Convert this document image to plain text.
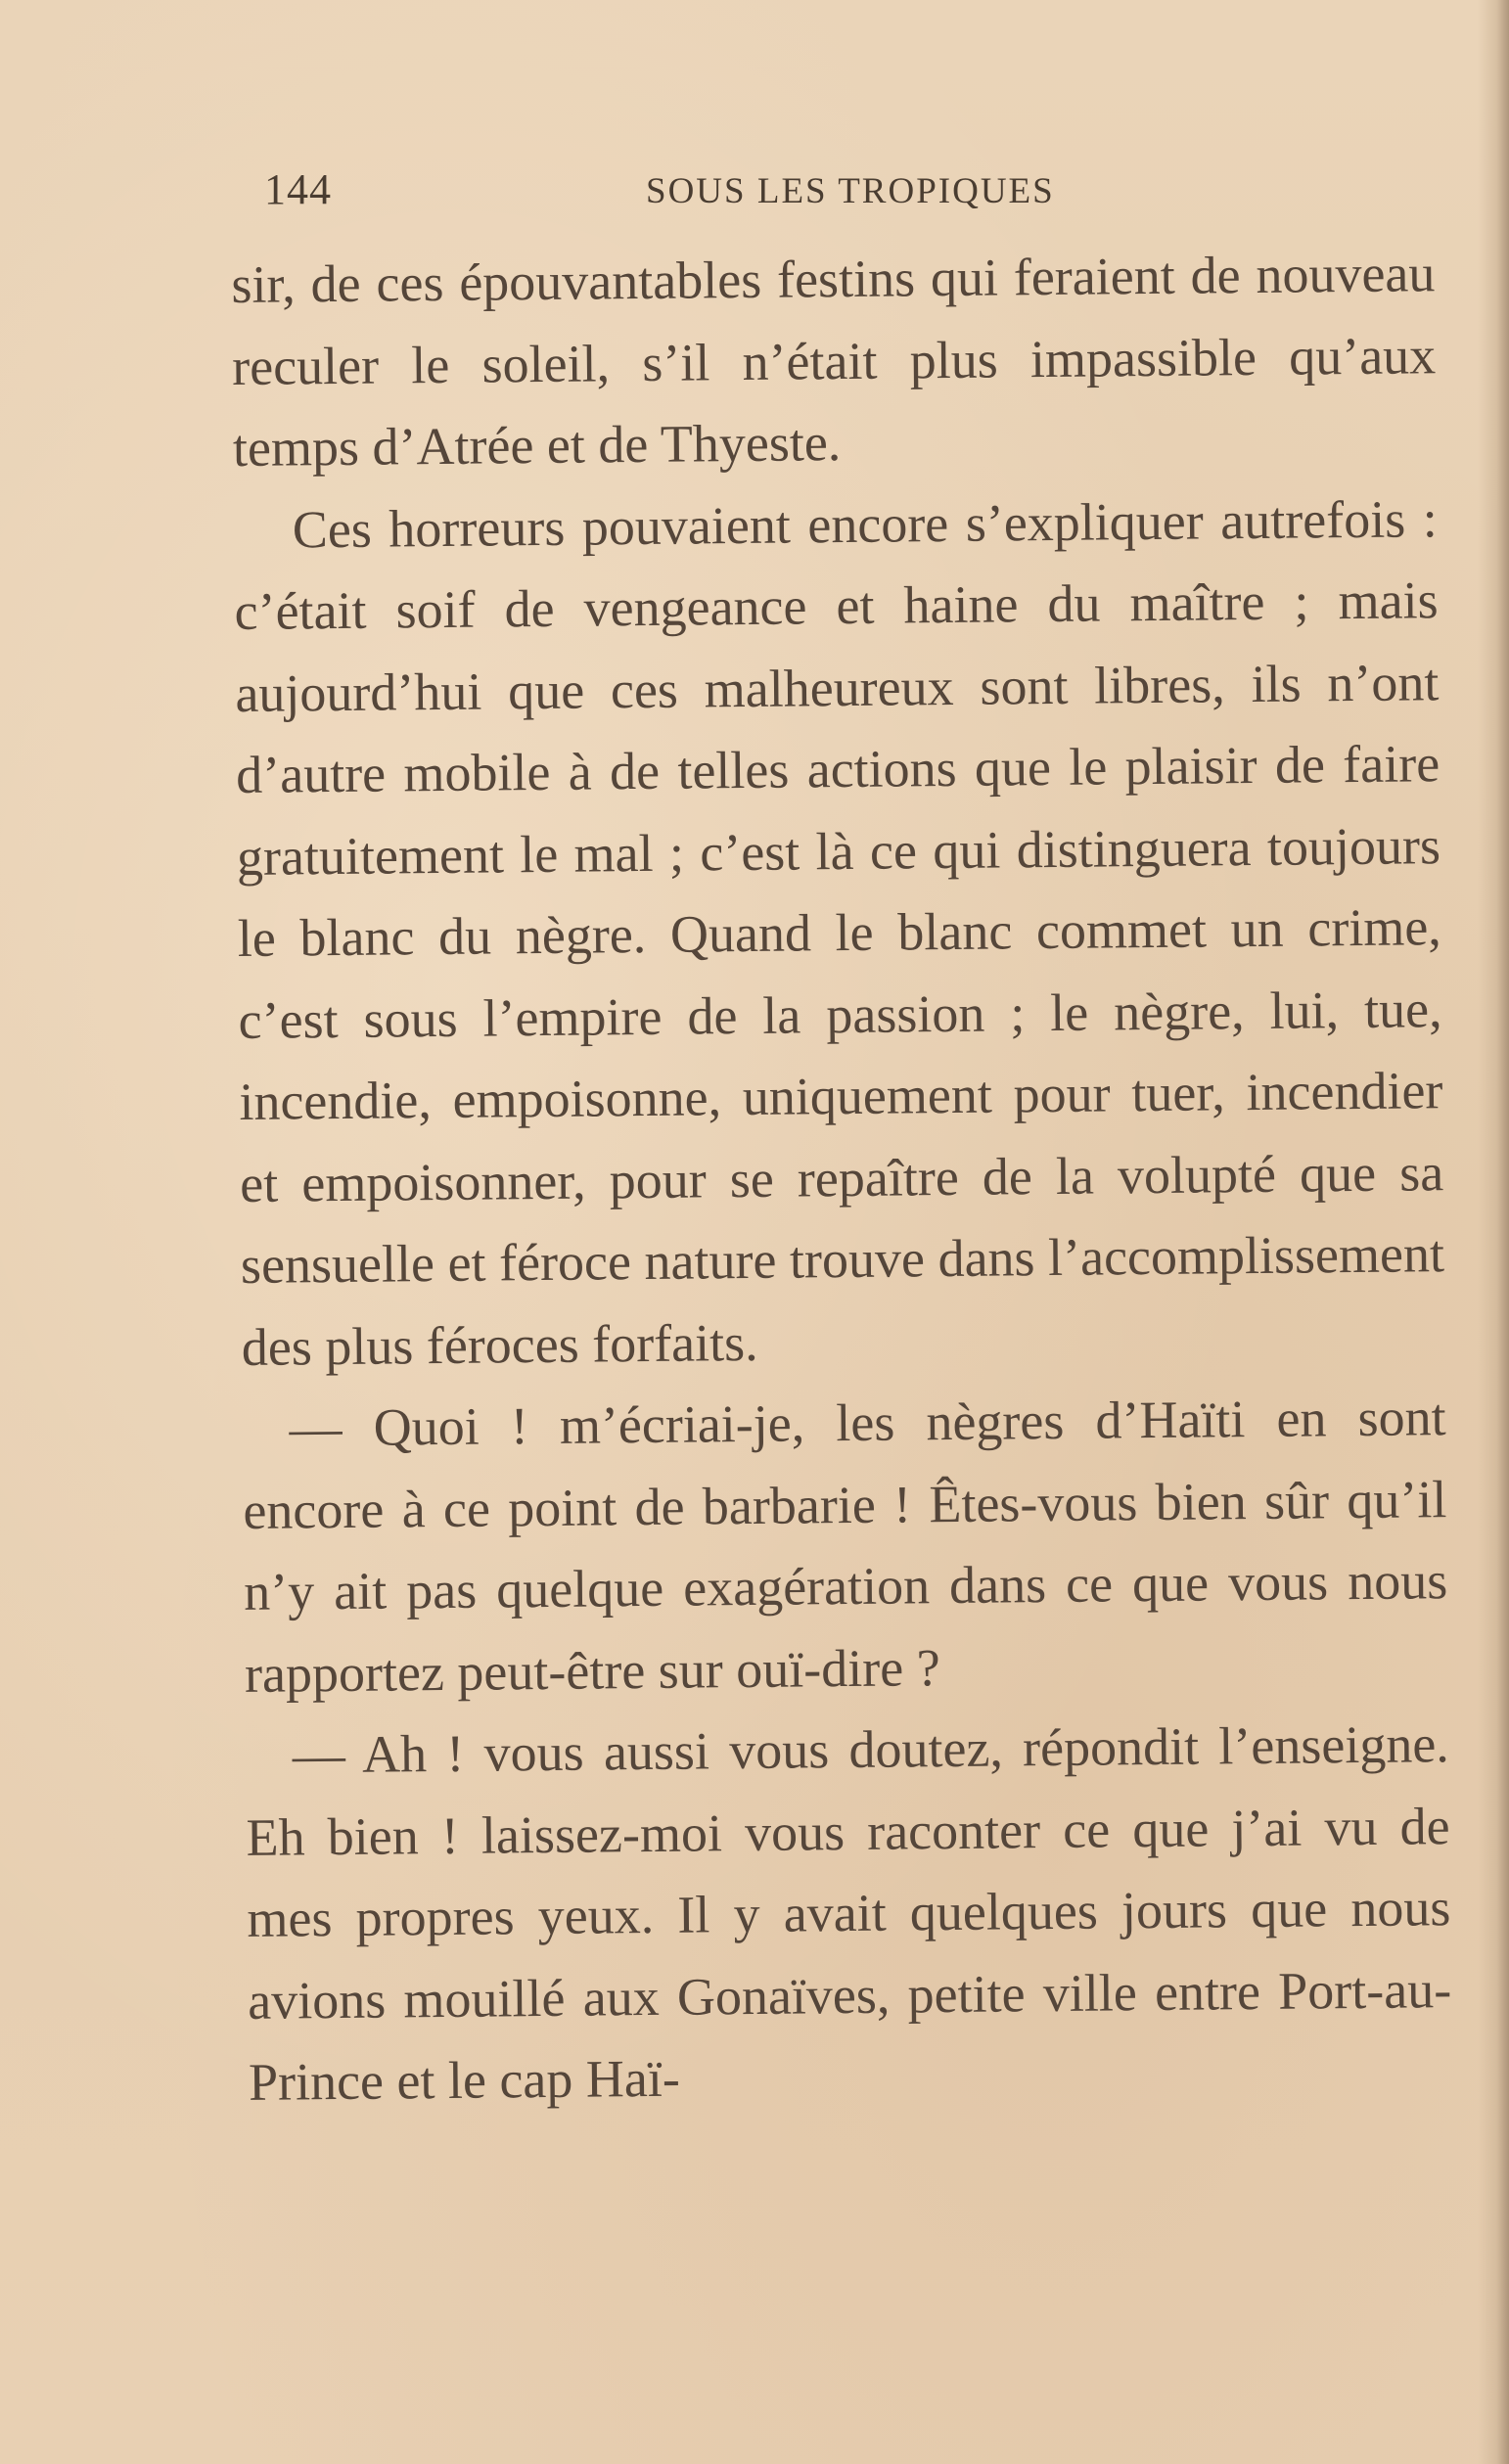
144	SOUS LES TROPIQUES

sir, de ces épouvantables festins qui feraient de nouveau reculer le soleil, s’il n’était plus impassible qu’aux temps d’Atrée et de Thyeste.

Ces horreurs pouvaient encore s’expliquer autrefois : c’était soif de vengeance et haine du maître ; mais aujourd’hui que ces malheureux sont libres, ils n’ont d’autre mobile à de telles actions que le plaisir de faire gratuitement le mal ; c’est là ce qui distinguera toujours le blanc du nègre. Quand le blanc commet un crime, c’est sous l’empire de la passion ; le nègre, lui, tue, incendie, empoisonne, uniquement pour tuer, incendier et empoisonner, pour se repaître de la volupté que sa sensuelle et féroce nature trouve dans l’accomplissement des plus féroces forfaits.

— Quoi ! m’écriai-je, les nègres d’Haïti en sont encore à ce point de barbarie ! Êtes-vous bien sûr qu’il n’y ait pas quelque exagération dans ce que vous nous rapportez peut-être sur ouï-dire ?

— Ah ! vous aussi vous doutez, répondit l’enseigne. Eh bien ! laissez-moi vous raconter ce que j’ai vu de mes propres yeux. Il y avait quelques jours que nous avions mouillé aux Gonaïves, petite ville entre Port-au-Prince et le cap Haï-
